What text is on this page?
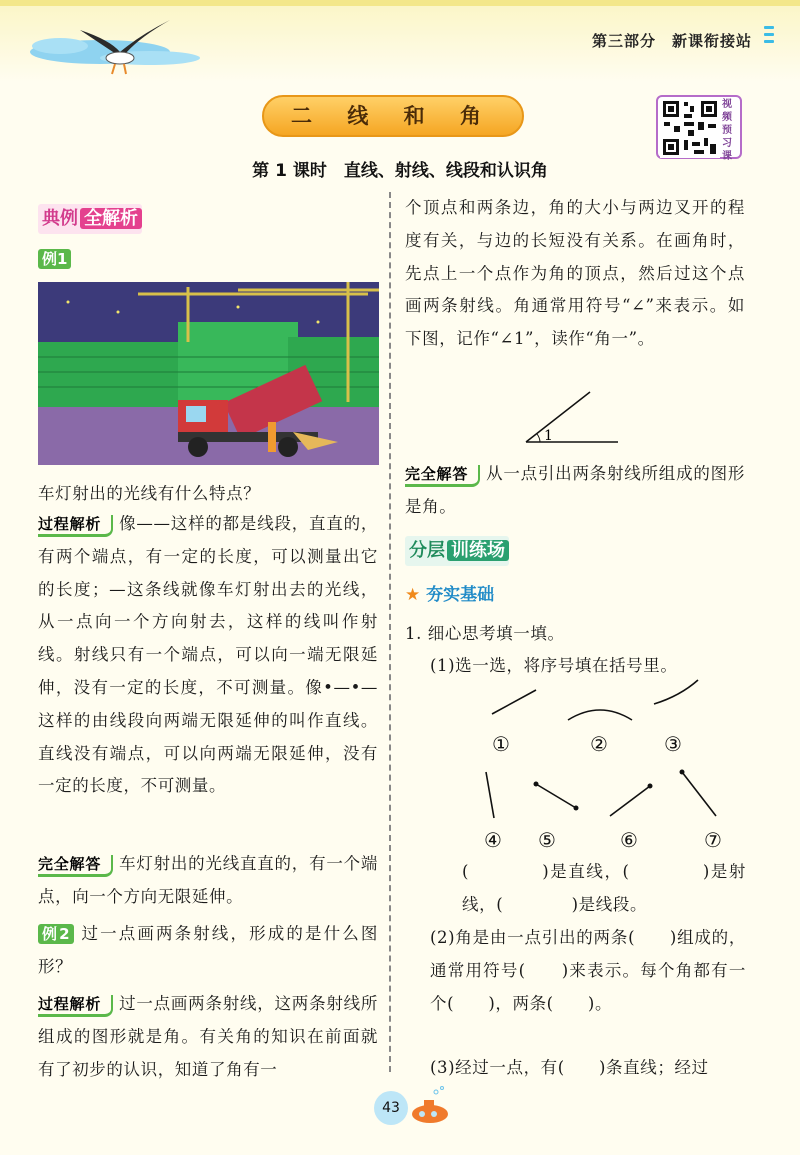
第三部分 新课衔接站
二 线 和 角	视频预习课
第 1 课时　直线、射线、线段和认识角
典例 全解析
例1
车灯射出的光线有什么特点？
过程解析 像——这样的都是线段，直直的，有两个端点，有一定的长度，可以测量出它的长度；—这条线就像车灯射出去的光线，从一点向一个方向射去，这样的线叫作射线。射线只有一个端点，可以向一端无限延伸，没有一定的长度，不可测量。像•—•—这样的由线段向两端无限延伸的叫作直线。直线没有端点，可以向两端无限延伸，没有一定的长度，不可测量。
完全解答 车灯射出的光线直直的，有一个端点，向一个方向无限延伸。
例2 过一点画两条射线，形成的是什么图形？
过程解析 过一点画两条射线，这两条射线所组成的图形就是角。有关角的知识在前面就有了初步的认识，知道了角有一
个顶点和两条边，角的大小与两边叉开的程度有关，与边的长短没有关系。在画角时，先点上一个点作为角的顶点，然后过这个点画两条射线。角通常用符号“∠”来表示。如下图，记作“∠1”，读作“角一”。
1
完全解答 从一点引出两条射线所组成的图形是角。
分层 训练场
★ 夯实基础
1. 细心思考填一填。
(1)选一选，将序号填在括号里。
①	②	③
④ ⑤	⑥	⑦
(　　　　)是直线，(　　　　)是射线，(　　　　)是线段。
(2)角是由一点引出的两条(　　)组成的，通常用符号(　　)来表示。每个角都有一个(　　)，两条(　　)。
(3)经过一点，有(　　)条直线；经过
43
